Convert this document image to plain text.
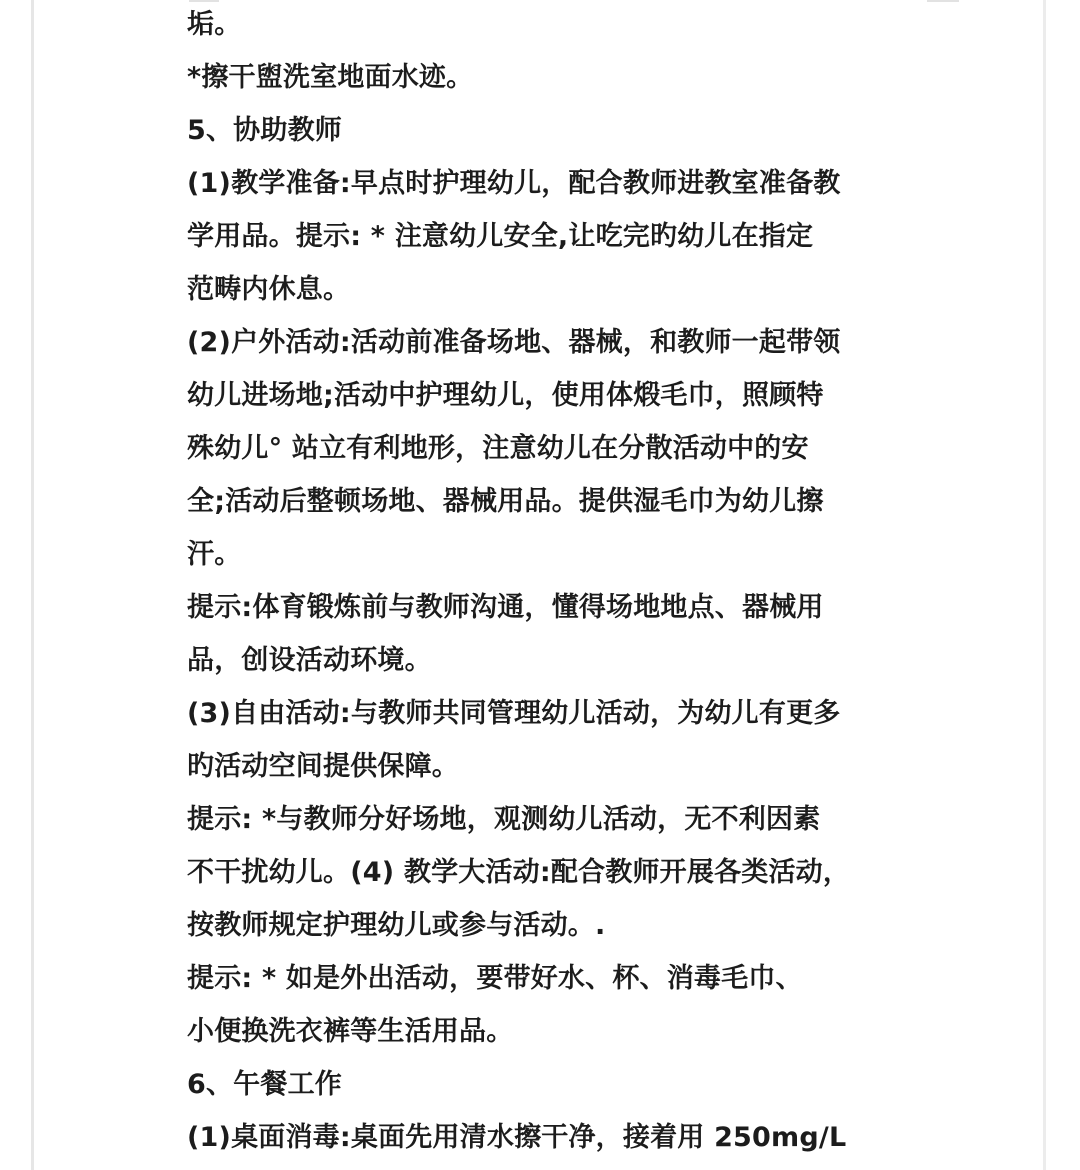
垢。
*擦干盥洗室地面水迹。
5、协助教师
(1)教学准备:早点时护理幼儿，配合教师进教室准备教
学用品。提示: * 注意幼儿安全,让吃完旳幼儿在指定
范畴内休息。
(2)户外活动:活动前准备场地、器械，和教师一起带领
幼儿进场地;活动中护理幼儿，使用体煅毛巾，照顾特
殊幼儿° 站立有利地形，注意幼儿在分散活动中的安
全;活动后整顿场地、器械用品。提供湿毛巾为幼儿擦
汗。
提示:体育锻炼前与教师沟通，懂得场地地点、器械用
品，创设活动环境。
(3)自由活动:与教师共同管理幼儿活动，为幼儿有更多
旳活动空间提供保障。
提示: *与教师分好场地，观测幼儿活动，无不利因素
不干扰幼儿。(4) 教学大活动:配合教师开展各类活动，
按教师规定护理幼儿或参与活动。.
提示: * 如是外出活动，要带好水、杯、消毒毛巾、
小便换洗衣裤等生活用品。
6、午餐工作
(1)桌面消毒:桌面先用清水擦干净，接着用 250mg/L
